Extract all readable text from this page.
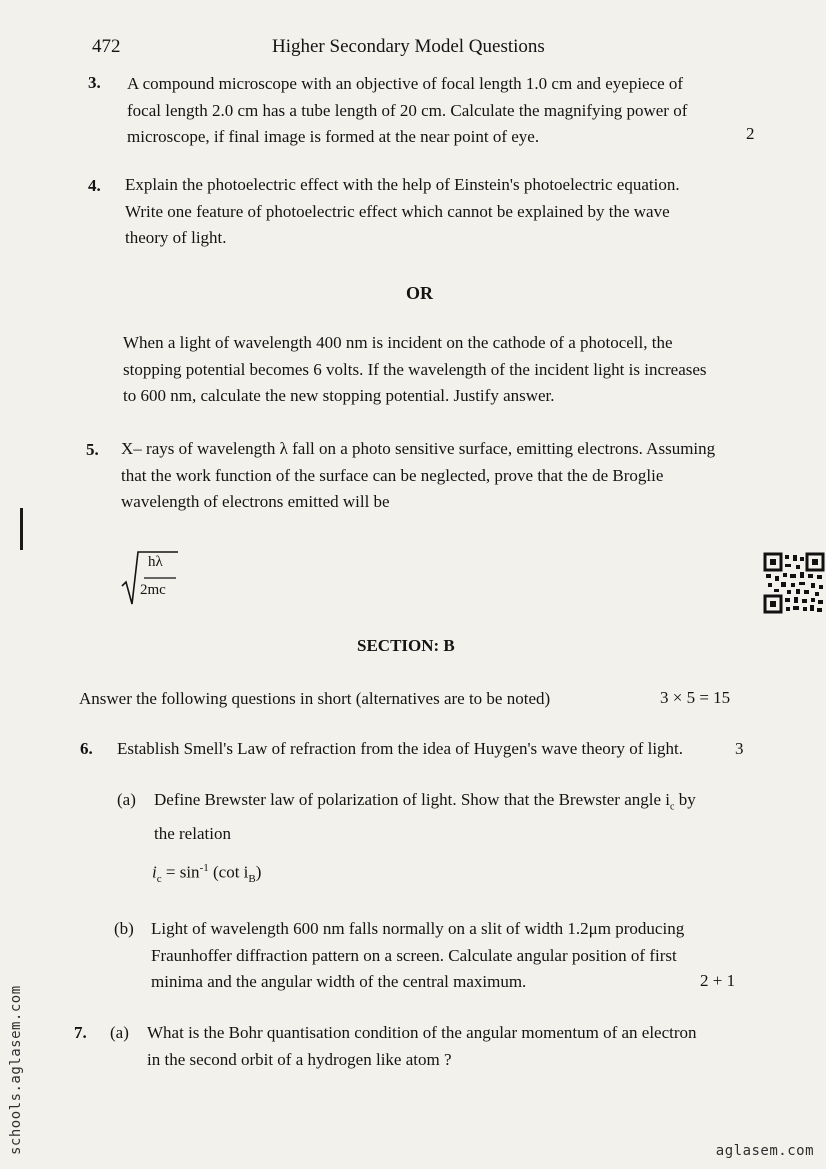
472	Higher Secondary Model Questions
3. A compound microscope with an objective of focal length 1.0 cm and eyepiece of
focal length 2.0 cm has a tube length of 20 cm. Calculate the magnifying power of
microscope, if final image is formed at the near point of eye.	2
4. Explain the photoelectric effect with the help of Einstein's photoelectric equation.
Write one feature of photoelectric effect which cannot be explained by the wave
theory of light.
OR
When a light of wavelength 400 nm is incident on the cathode of a photocell, the
stopping potential becomes 6 volts. If the wavelength of the incident light is increases
to 600 nm, calculate the new stopping potential. Justify answer.
5. X– rays of wavelength λ fall on a photo sensitive surface, emitting electrons. Assuming
that the work function of the surface can be neglected, prove that the de Broglie
wavelength of electrons emitted will be
hλ
2mc
SECTION: B
Answer the following questions in short (alternatives are to be noted)	3 × 5 = 15
6. Establish Smell's Law of refraction from the idea of Huygen's wave theory of light.	3
(a) Define Brewster law of polarization of light. Show that the Brewster angle $i_c$ by
the relation
$i_c = \sin^{-1} (\cot$ $i_B$)
(b) Light of wavelength 600 nm falls normally on a slit of width 1.2μm producing
Fraunhoffer diffraction pattern on a screen. Calculate angular position of first
minima and the angular width of the central maximum.	2 + 1
7. (a) What is the Bohr quantisation condition of the angular momentum of an electron
in the second orbit of a hydrogen like atom ?
schools.aglasem.com	aglasem.com
